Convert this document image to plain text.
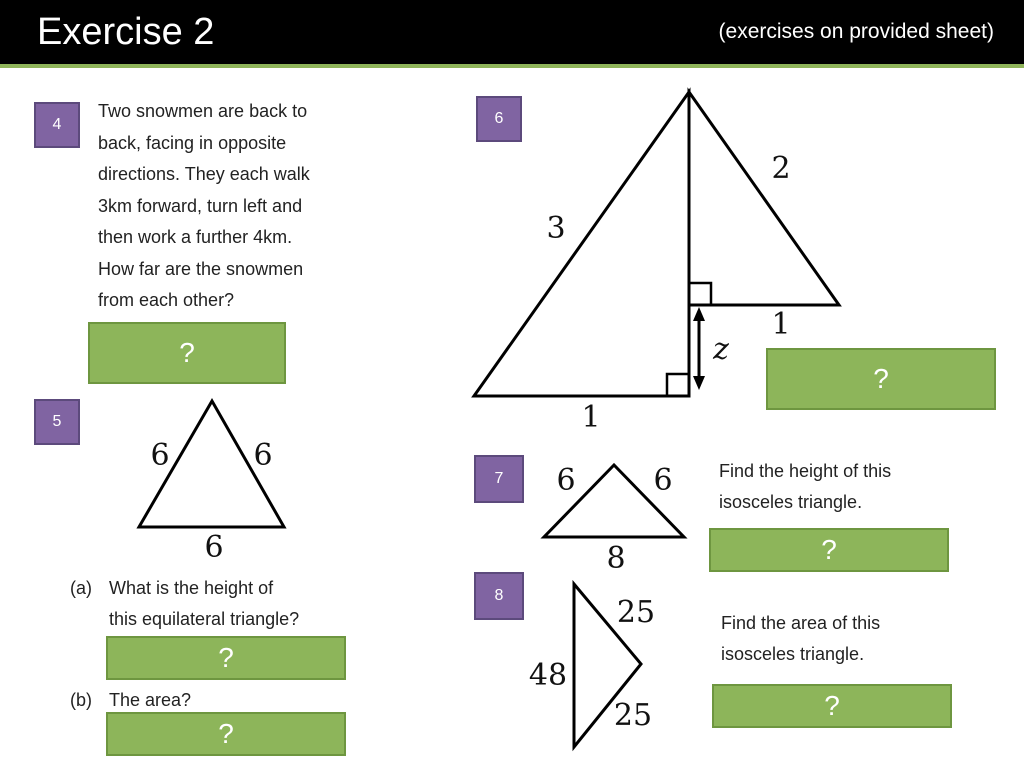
Exercise 2	(exercises on provided sheet)
4
Two snowmen are back to
back, facing in opposite
directions. They each walk
3km forward, turn left and
then work a further 4km.
How far are the snowmen
from each other?
?
5
(a) What is the height of
this equilateral triangle?
?
(b) The area?
?
6
?
7	Find the height of this
isosceles triangle.
?
8
Find the area of this
isosceles triangle.
?
6	6
6
3
2
1
1
z
6	6
8
25
48
25
